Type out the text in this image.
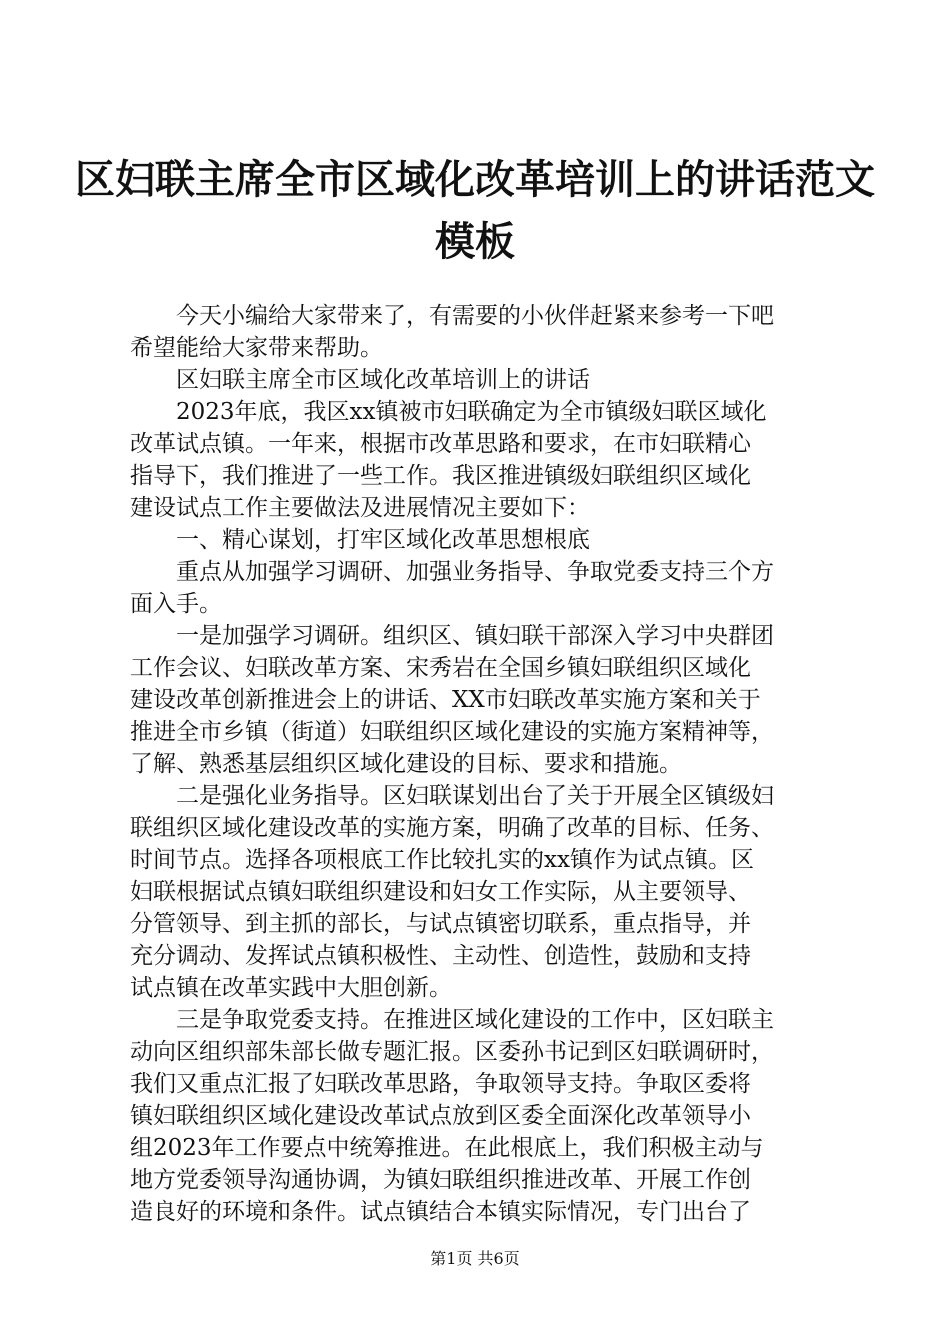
区妇联主席全市区域化改革培训上的讲话范文
模板
今天小编给大家带来了，有需要的小伙伴赶紧来参考一下吧
希望能给大家带来帮助。
区妇联主席全市区域化改革培训上的讲话
2023年底，我区xx镇被市妇联确定为全市镇级妇联区域化
改革试点镇。一年来，根据市改革思路和要求，在市妇联精心
指导下，我们推进了一些工作。我区推进镇级妇联组织区域化
建设试点工作主要做法及进展情况主要如下：
一、精心谋划，打牢区域化改革思想根底
重点从加强学习调研、加强业务指导、争取党委支持三个方
面入手。
一是加强学习调研。组织区、镇妇联干部深入学习中央群团
工作会议、妇联改革方案、宋秀岩在全国乡镇妇联组织区域化
建设改革创新推进会上的讲话、XX市妇联改革实施方案和关于
推进全市乡镇（街道）妇联组织区域化建设的实施方案精神等，
了解、熟悉基层组织区域化建设的目标、要求和措施。
二是强化业务指导。区妇联谋划出台了关于开展全区镇级妇
联组织区域化建设改革的实施方案，明确了改革的目标、任务、
时间节点。选择各项根底工作比较扎实的xx镇作为试点镇。区
妇联根据试点镇妇联组织建设和妇女工作实际，从主要领导、
分管领导、到主抓的部长，与试点镇密切联系，重点指导，并
充分调动、发挥试点镇积极性、主动性、创造性，鼓励和支持
试点镇在改革实践中大胆创新。
三是争取党委支持。在推进区域化建设的工作中，区妇联主
动向区组织部朱部长做专题汇报。区委孙书记到区妇联调研时，
我们又重点汇报了妇联改革思路，争取领导支持。争取区委将
镇妇联组织区域化建设改革试点放到区委全面深化改革领导小
组2023年工作要点中统筹推进。在此根底上，我们积极主动与
地方党委领导沟通协调，为镇妇联组织推进改革、开展工作创
造良好的环境和条件。试点镇结合本镇实际情况，专门出台了
第1页 共6页
